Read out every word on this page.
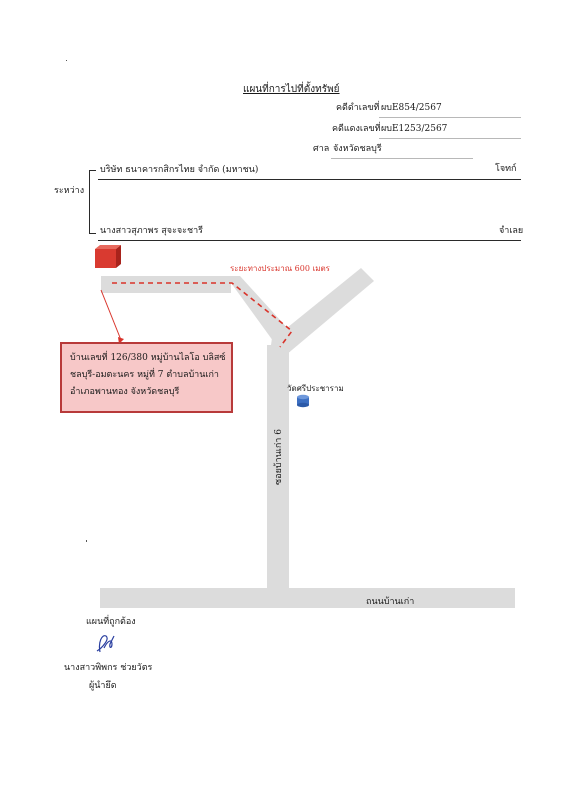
แผนที่การไปที่ตั้งทรัพย์
คดีดำเลขที่ ผบE854/2567
คดีแดงเลขที่ ผบE1253/2567
ศาล จังหวัดชลบุรี
ระหว่าง
บริษัท ธนาคารกสิกรไทย จำกัด (มหาชน)	โจทก์
นางสาวสุภาพร สุจะจะชารี	จำเลย
ซอยบ้านเก่า 6
ระยะทางประมาณ 600 เมตร
วัดศรีประชาราม
ถนนบ้านเก่า
บ้านเลขที่ 126/380 หมู่บ้านไลโอ บลิสซ์
ชลบุรี-อมตะนคร หมู่ที่ 7 ตำบลบ้านเก่า
อำเภอพานทอง จังหวัดชลบุรี
แผนที่ถูกต้อง
นางสาวพิพกร ช่วยวัตร
ผู้นำยึด
